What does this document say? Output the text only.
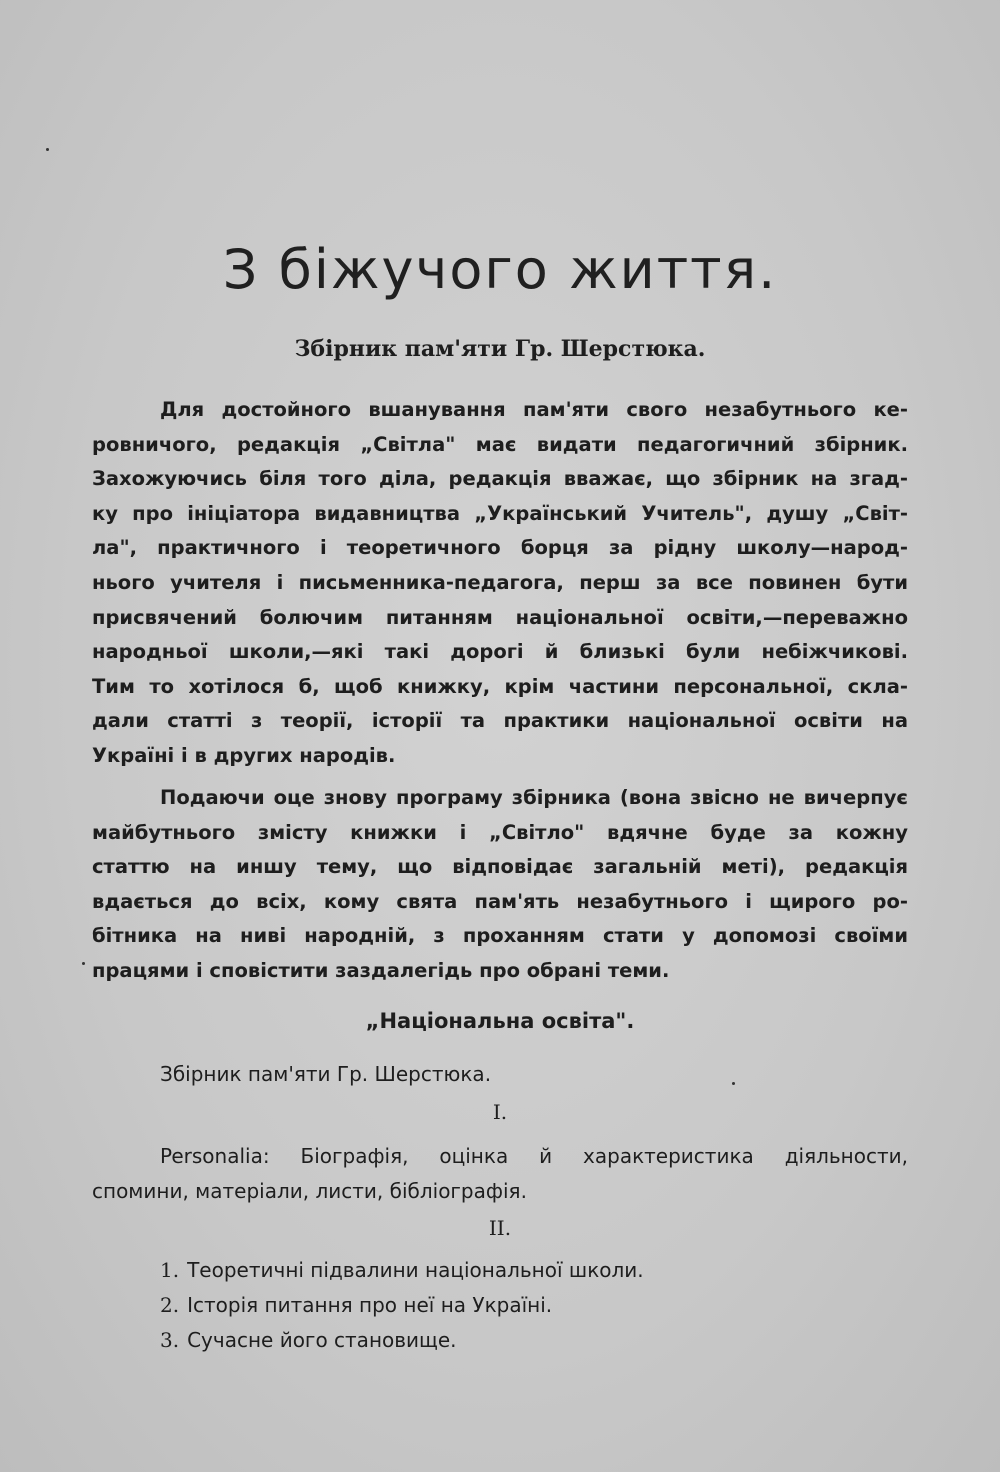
З біжучого життя.
Збірник пам'яти Гр. Шерстюка.
Для достойного вшанування пам'яти свого незабутнього ке-
ровничого, редакція „Світла" має видати педагогичний збірник.
Захожуючись біля того діла, редакція вважає, що збірник на згад-
ку про ініціатора видавництва „Український Учитель", душу „Світ-
ла", практичного і теоретичного борця за рідну школу—народ-
нього учителя і письменника-педагога, перш за все повинен бути
присвячений болючим питанням національної освіти,—переважно
народньої школи,—які такі дорогі й близькі були небіжчикові.
Тим то хотілося б, щоб книжку, крім частини персональної, скла-
дали статті з теорії, історії та практики національної освіти на
Україні і в других народів.
Подаючи оце знову програму збірника (вона звісно не вичерпує
майбутнього змісту книжки і „Світло" вдячне буде за кожну
статтю на иншу тему, що відповідає загальній меті), редакція
вдається до всіх, кому свята пам'ять незабутнього і щирого ро-
бітника на ниві народній, з проханням стати у допомозі своїми
працями і сповістити заздалегідь про обрані теми.
„Національна освіта".

Збірник пам'яти Гр. Шерстюка.

I.

Personalia: Біографія, оцінка й характеристика діяльности,
спомини, матеріали, листи, бібліографія.

II.

1. Теоретичні підвалини національної школи.

2. Історія питання про неї на Україні.

3. Сучасне його становище.
